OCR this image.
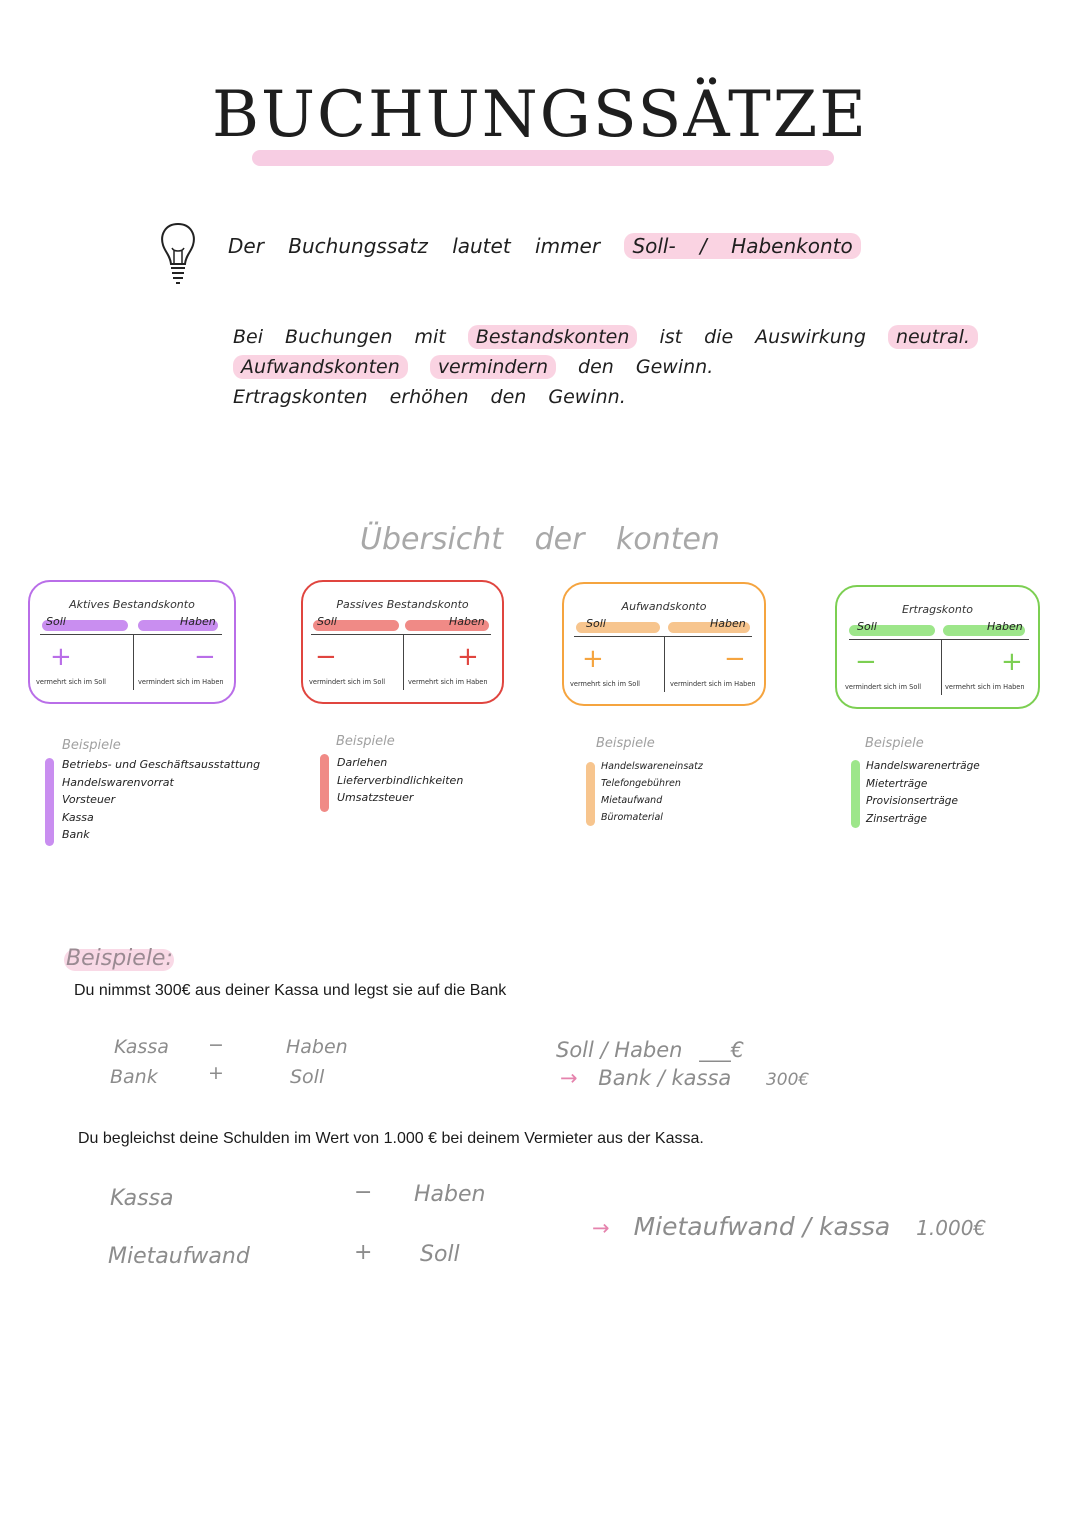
BUCHUNGSSÄTZE
Der Buchungssatz lautet immer Soll- / Habenkonto
Bei Buchungen mit Bestandskonten ist die Auswirkung neutral.
Aufwandskonten vermindern den Gewinn.
Ertragskonten erhöhen den Gewinn.
Übersicht der konten
Aktives Bestandskonto
Soll	Haben
+	−
vermehrt sich im Soll	vermindert sich im Haben
Passives Bestandskonto
Soll	Haben
−	+
vermindert sich im Soll	vermehrt sich im Haben
Aufwandskonto
Soll	Haben
+	−
vermehrt sich im Soll	vermindert sich im Haben
Ertragskonto
Soll	Haben
−	+
vermindert sich im Soll	vermehrt sich im Haben
Beispiele
Betriebs- und Geschäftsausstattung
Handelswarenvorrat
Vorsteuer
Kassa
Bank
Beispiele
Darlehen
Lieferverbindlichkeiten
Umsatzsteuer
Beispiele
Handelswareneinsatz
Telefongebühren
Mietaufwand
Büromaterial
Beispiele
Handelswarenerträge
Mieterträge
Provisionserträge
Zinserträge
Beispiele:
Du nimmst 300€ aus deiner Kassa und legst sie auf die Bank
Kassa −	Haben
Bank	+	Soll
Soll / Haben ___€
→ Bank / kassa 300€
Du begleichst deine Schulden im Wert von 1.000 € bei deinem Vermieter aus der Kassa.
Kassa	− Haben
Mietaufwand	+ Soll
→ Mietaufwand / kassa 1.000€
